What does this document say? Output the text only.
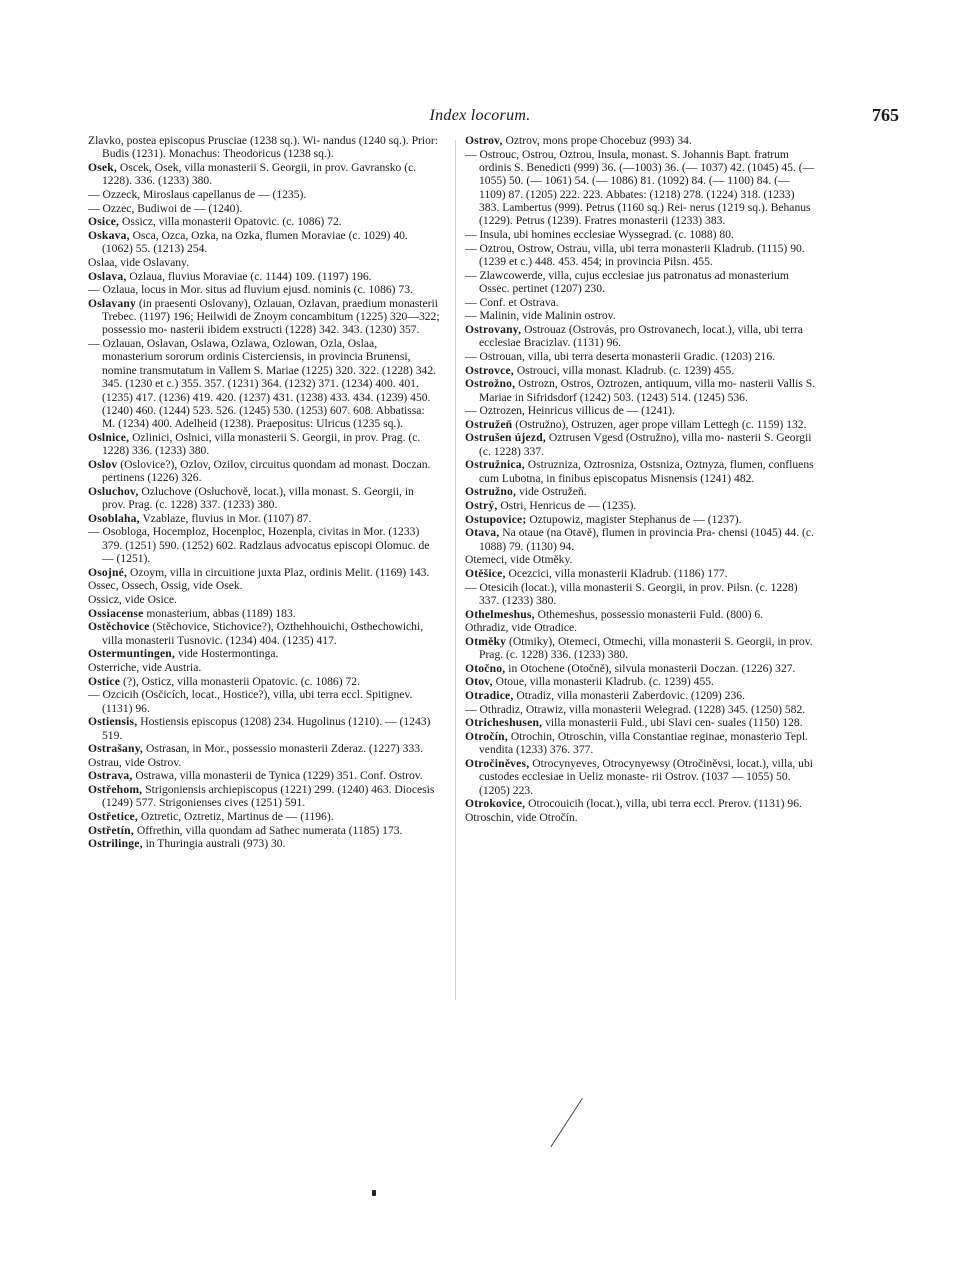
Index locorum.	765

Zlavko, postea episcopus Prusciae (1238 sq.). Wi- nandus (1240 sq.). Prior: Budis (1231). Monachus: Theodoricus (1238 sq.).

Osek, Oscek, Osek, villa monasterii S. Georgii, in prov. Gavransko (c. 1228). 336. (1233) 380.

— Ozzeck, Miroslaus capellanus de — (1235).

— Ozzec, Budiwoi de — (1240).

Osice, Ossicz, villa monasterii Opatovic. (c. 1086) 72.

Oskava, Osca, Ozca, Ozka, na Ozka, flumen Moraviae (c. 1029) 40. (1062) 55. (1213) 254.

Oslaa, vide Oslavany.

Oslava, Ozlaua, fluvius Moraviae (c. 1144) 109. (1197) 196.

— Ozlaua, locus in Mor. situs ad fluvium ejusd. nominis (c. 1086) 73.

Oslavany (in praesenti Oslovany), Ozlauan, Ozlavan, praedium monasterii Trebec. (1197) 196; Heilwidi de Znoym concambitum (1225) 320—322; possessio mo- nasterii ibidem exstructi (1228) 342. 343. (1230) 357.

— Ozlauan, Oslavan, Oslawa, Ozlawa, Ozlowan, Ozla, Oslaa, monasterium sororum ordinis Cisterciensis, in provincia Brunensi, nomine transmutatum in Vallem S. Mariae (1225) 320. 322. (1228) 342. 345. (1230 et c.) 355. 357. (1231) 364. (1232) 371. (1234) 400. 401. (1235) 417. (1236) 419. 420. (1237) 431. (1238) 433. 434. (1239) 450. (1240) 460. (1244) 523. 526. (1245) 530. (1253) 607. 608. Abbatissa: M. (1234) 400. Adelheid (1238). Praepositus: Ulricus (1235 sq.).

Oslnice, Ozlinici, Oslnici, villa monasterii S. Georgii, in prov. Prag. (c. 1228) 336. (1233) 380.

Oslov (Oslovice?), Ozlov, Ozilov, circuitus quondam ad monast. Doczan. pertinens (1226) 326.

Osluchov, Ozluchove (Osluchově, locat.), villa monast. S. Georgii, in prov. Prag. (c. 1228) 337. (1233) 380.

Osoblaha, Vzablaze, fluvius in Mor. (1107) 87.

— Osobloga, Hocemploz, Hocenploc, Hozenpla, civitas in Mor. (1233) 379. (1251) 590. (1252) 602. Radzlaus advocatus episcopi Olomuc. de — (1251).

Osojné, Ozoym, villa in circuitione juxta Plaz, ordinis Melit. (1169) 143.

Ossec, Ossech, Ossig, vide Osek.

Ossicz, vide Osice.

Ossiacense monasterium, abbas (1189) 183.

Ostěchovice (Stěchovice, Stichovice?), Ozthehhouichi, Osthechowichi, villa monasterii Tusnovic. (1234) 404. (1235) 417.

Ostermuntingen, vide Hostermontinga.

Osterriche, vide Austria.

Ostice (?), Osticz, villa monasterii Opatovic. (c. 1086) 72.

— Ozcicih (Osčicích, locat., Hostice?), villa, ubi terra eccl. Spitignev. (1131) 96.

Ostiensis, Hostiensis episcopus (1208) 234. Hugolinus (1210). — (1243) 519.

Ostrašany, Ostrasan, in Mor., possessio monasterii Zderaz. (1227) 333.

Ostrau, vide Ostrov.

Ostrava, Ostrawa, villa monasterii de Tynica (1229) 351. Conf. Ostrov.

Ostřehom, Strigoniensis archiepiscopus (1221) 299. (1240) 463. Diocesis (1249) 577. Strigonienses cives (1251) 591.

Ostřetice, Oztretic, Oztretiz, Martinus de — (1196).

Ostřetín, Offrethin, villa quondam ad Sathec numerata (1185) 173.

Ostrilinge, in Thuringia australi (973) 30.

Ostrov, Oztrov, mons prope Chocebuz (993) 34.

— Ostrouc, Ostrou, Oztrou, Insula, monast. S. Johannis Bapt. fratrum ordinis S. Benedicti (999) 36. (—1003) 36. (— 1037) 42. (1045) 45. (— 1055) 50. (— 1061) 54. (— 1086) 81. (1092) 84. (— 1100) 84. (— 1109) 87. (1205) 222. 223. Abbates: (1218) 278. (1224) 318. (1233) 383. Lambertus (999). Petrus (1160 sq.) Rei- nerus (1219 sq.). Behanus (1229). Petrus (1239). Fratres monasterii (1233) 383.

— Insula, ubi homines ecclesiae Wyssegrad. (c. 1088) 80.

— Oztrou, Ostrow, Ostrau, villa, ubi terra monasterii Kladrub. (1115) 90. (1239 et c.) 448. 453. 454; in provincia Pilsn. 455.

— Zlawcowerde, villa, cujus ecclesiae jus patronatus ad monasterium Ossec. pertinet (1207) 230.

— Conf. et Ostrava.

— Malinin, vide Malinin ostrov.

Ostrovany, Ostrouaz (Ostrovás, pro Ostrovanech, locat.), villa, ubi terra ecclesiae Bracizlav. (1131) 96.

— Ostrouan, villa, ubi terra deserta monasterii Gradic. (1203) 216.

Ostrovce, Ostrouci, villa monast. Kladrub. (c. 1239) 455.

Ostrožno, Ostrozn, Ostros, Oztrozen, antiquum, villa mo- nasterii Vallis S. Mariae in Sifridsdorf (1242) 503. (1243) 514. (1245) 536.

— Oztrozen, Heinricus villicus de — (1241).

Ostružeň (Ostružno), Ostruzen, ager prope villam Lettegh (c. 1159) 132.

Ostrušen újezd, Oztrusen Vgesd (Ostružno), villa mo- nasterii S. Georgii (c. 1228) 337.

Ostružnica, Ostruzniza, Oztrosniza, Ostsniza, Oztnyza, flumen, confluens cum Lubotna, in finibus episcopatus Misnensis (1241) 482.

Ostružno, vide Ostružeň.

Ostrý, Ostri, Henricus de — (1235).

Ostupovice; Oztupowiz, magister Stephanus de — (1237).

Otava, Na otaue (na Otavě), flumen in provincia Pra- chensi (1045) 44. (c. 1088) 79. (1130) 94.

Otemeci, vide Otměky.

Otěšice, Ocezcici, villa monasterii Kladrub. (1186) 177.

— Otesicih (locat.), villa monasterii S. Georgii, in prov. Pilsn. (c. 1228) 337. (1233) 380.

Othelmeshus, Othemeshus, possessio monasterii Fuld. (800) 6.

Othradiz, vide Otradice.

Otměky (Otmiky), Otemeci, Otmechi, villa monasterii S. Georgii, in prov. Prag. (c. 1228) 336. (1233) 380.

Otočno, in Otochene (Otočně), silvula monasterii Doczan. (1226) 327.

Otov, Otoue, villa monasterii Kladrub. (c. 1239) 455.

Otradice, Otradiz, villa monasterii Zaberdovic. (1209) 236.

— Othradiz, Otrawiz, villa monasterii Welegrad. (1228) 345. (1250) 582.

Otricheshusen, villa monasterii Fuld., ubi Slavi cen- suales (1150) 128.

Otročín, Otrochin, Otroschin, villa Constantiae reginae, monasterio Tepl. vendita (1233) 376. 377.

Otročiněves, Otrocynyeves, Otrocynyewsy (Otročiněvsi, locat.), villa, ubi custodes ecclesiae in Ueliz monaste- rii Ostrov. (1037 — 1055) 50. (1205) 223.

Otrokovice, Otrocouicih (locat.), villa, ubi terra eccl. Prerov. (1131) 96.

Otroschin, vide Otročín.
